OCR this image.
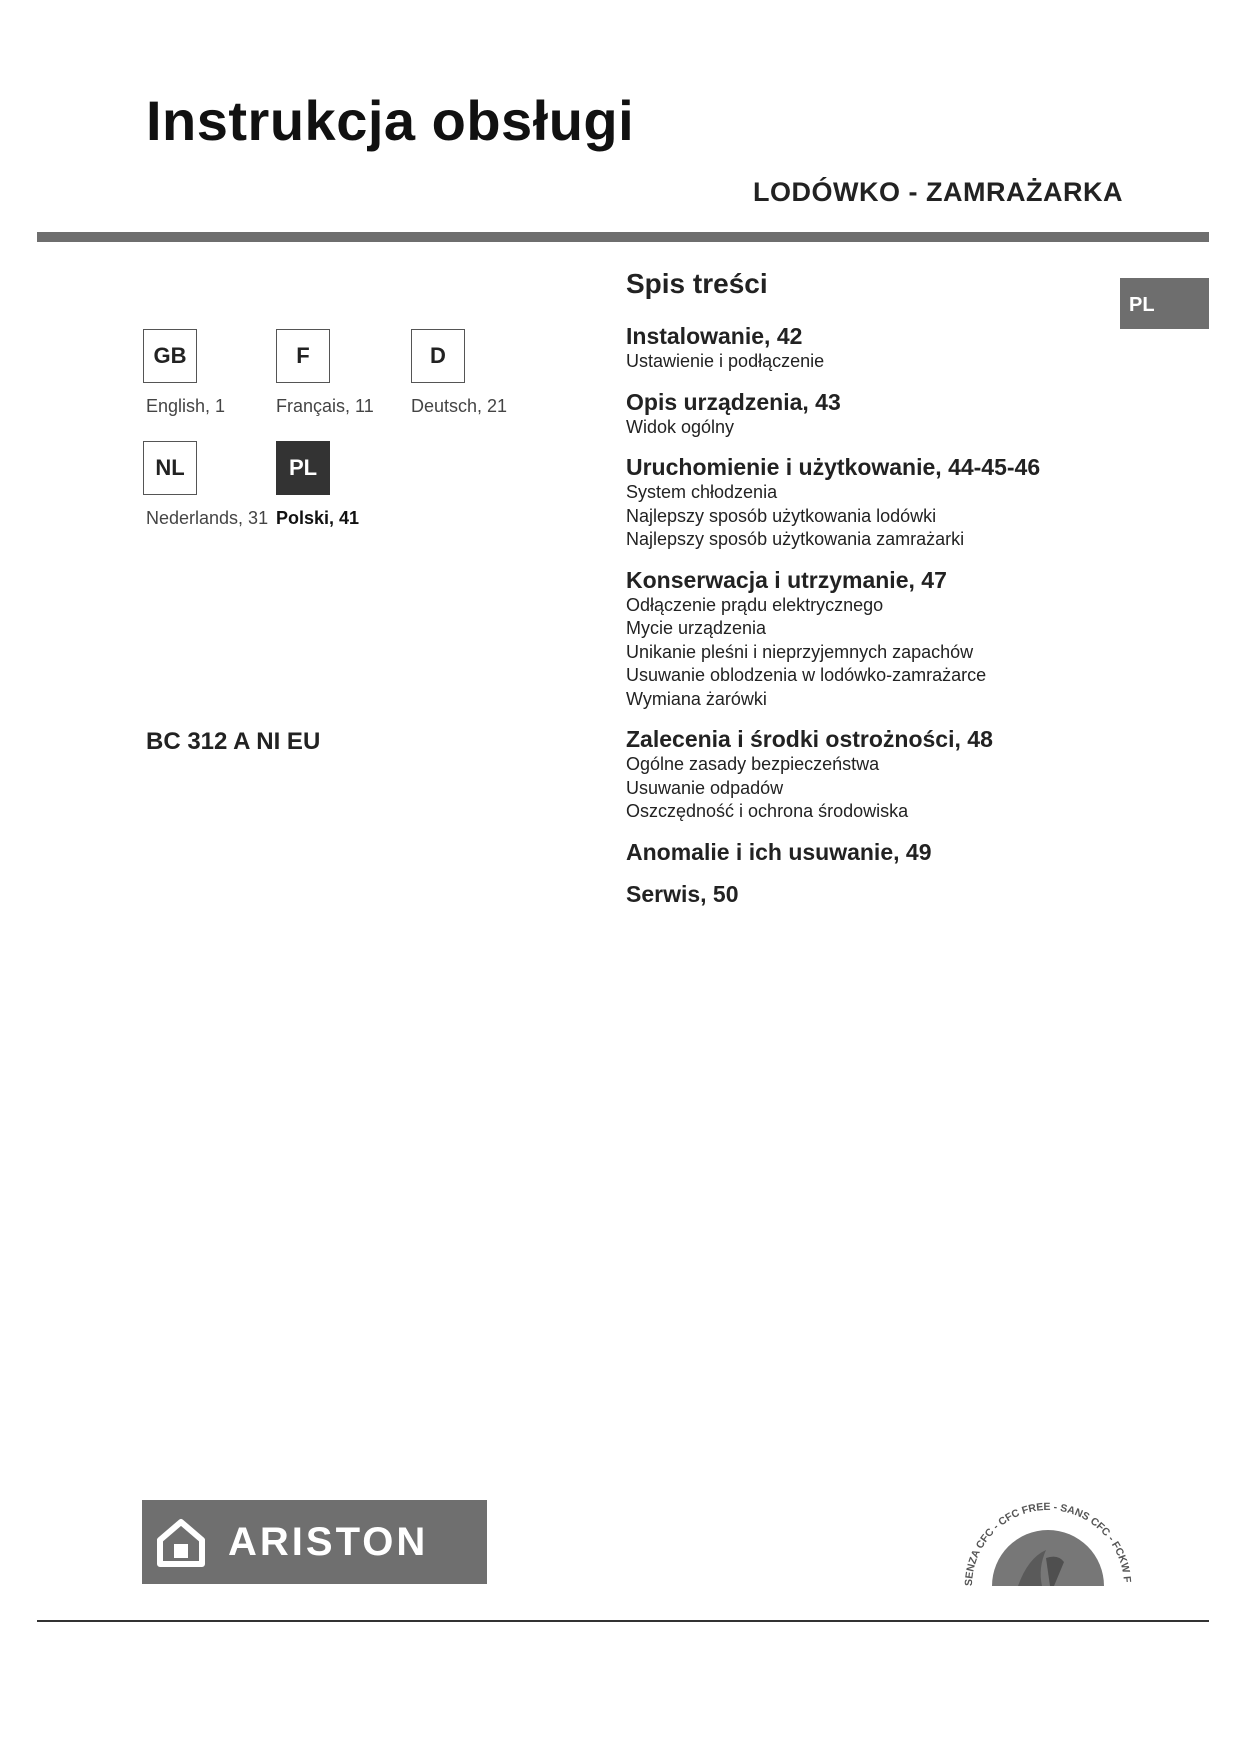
Instrukcja obsługi
LODÓWKO - ZAMRAŻARKA
GB	F	D
English, 1	Français, 11 Deutsch, 21
NL	PL
Nederlands, 31 Polski, 41
BC 312 A NI EU
Spis treści
PL
Instalowanie, 42
Ustawienie i podłączenie
Opis urządzenia, 43
Widok ogólny
Uruchomienie i użytkowanie, 44-45-46
System chłodzenia
Najlepszy sposób użytkowania lodówki
Najlepszy sposób użytkowania zamrażarki
Konserwacja i utrzymanie, 47
Odłączenie prądu elektrycznego
Mycie urządzenia
Unikanie pleśni i nieprzyjemnych zapachów
Usuwanie oblodzenia w lodówko-zamrażarce
Wymiana żarówki
Zalecenia i środki ostrożności, 48
Ogólne zasady bezpieczeństwa
Usuwanie odpadów
Oszczędność i ochrona środowiska
Anomalie i ich usuwanie, 49
Serwis, 50
ARISTON
SENZA CFC - CFC FREE - SANS CFC - FCKW F
